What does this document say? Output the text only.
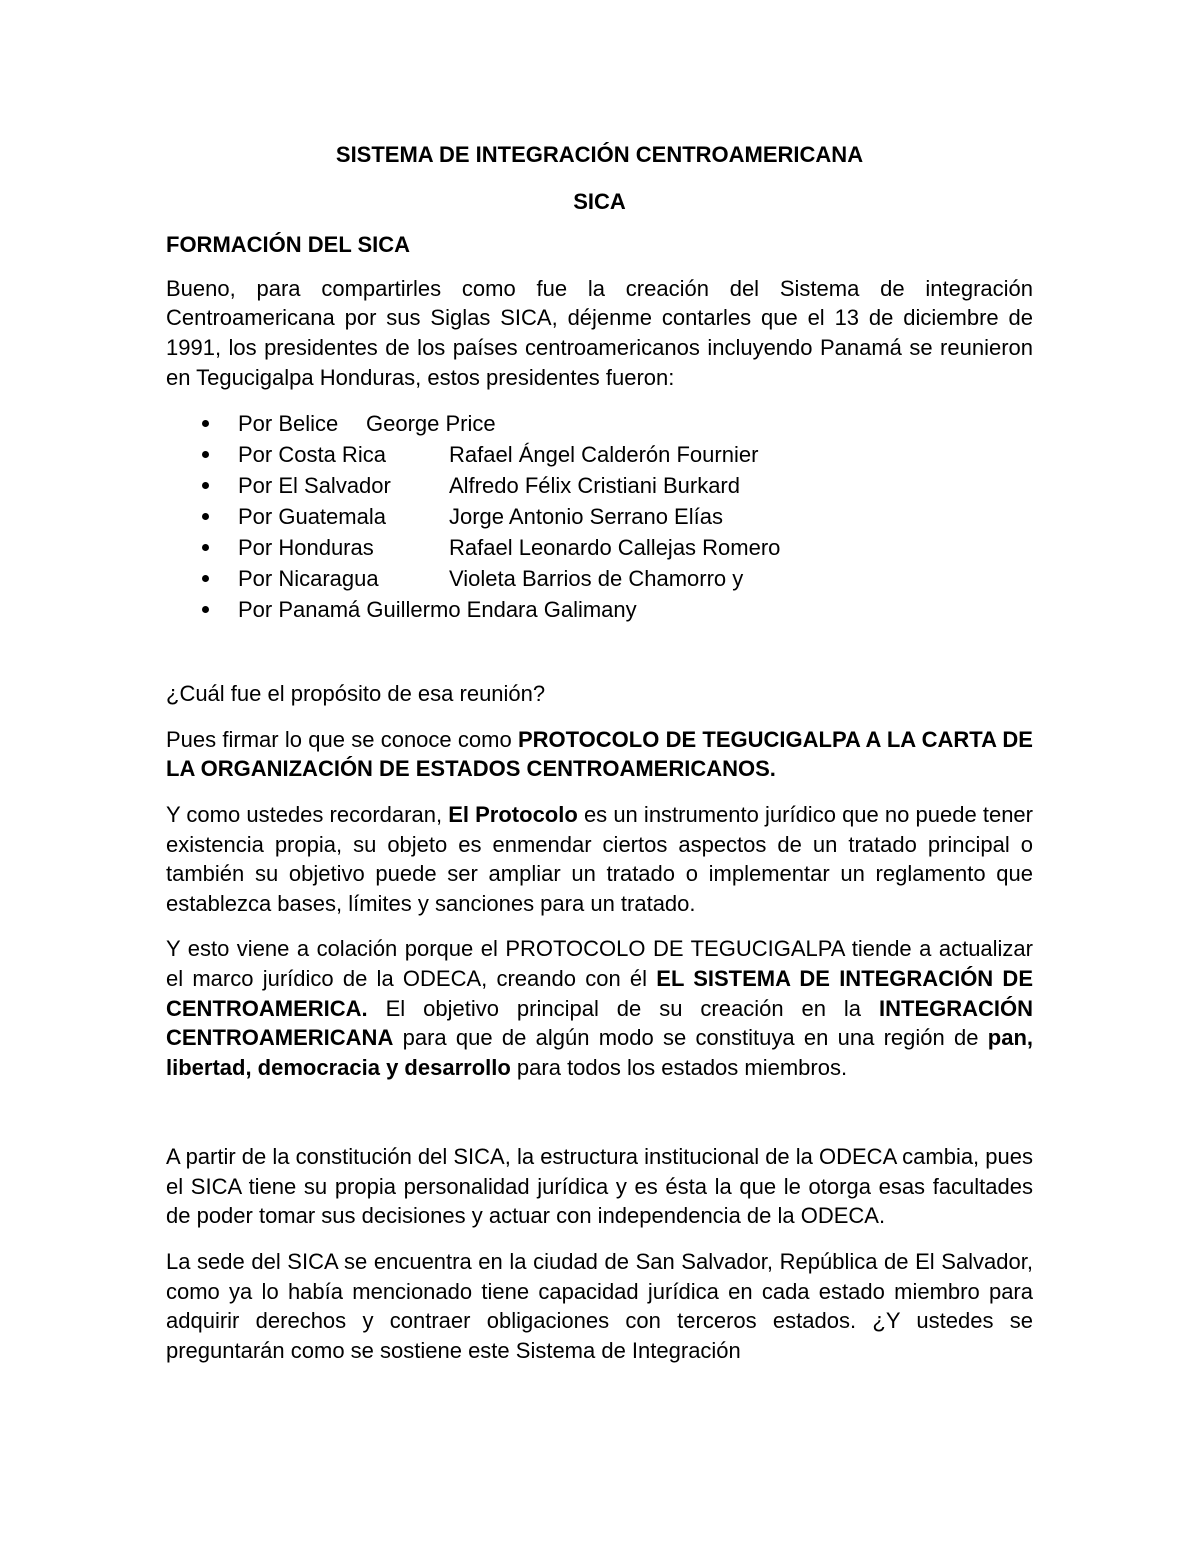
SISTEMA DE INTEGRACIÓN CENTROAMERICANA
SICA
FORMACIÓN DEL SICA

Bueno, para compartirles como fue la creación del Sistema de integración Centroamericana por sus Siglas SICA, déjenme contarles que el 13 de diciembre de 1991, los presidentes de los países centroamericanos incluyendo Panamá se reunieron en Tegucigalpa Honduras, estos presidentes fueron:

Por Belice George Price
Por Costa Rica	Rafael Ángel Calderón Fournier
Por El Salvador	Alfredo Félix Cristiani Burkard
Por Guatemala	Jorge Antonio Serrano Elías
Por Honduras	Rafael Leonardo Callejas Romero
Por Nicaragua	Violeta Barrios de Chamorro y
Por Panamá Guillermo Endara Galimany

¿Cuál fue el propósito de esa reunión?

Pues firmar lo que se conoce como PROTOCOLO DE TEGUCIGALPA A LA CARTA DE LA ORGANIZACIÓN DE ESTADOS CENTROAMERICANOS.

Y como ustedes recordaran, El Protocolo es un instrumento jurídico que no puede tener existencia propia, su objeto es enmendar ciertos aspectos de un tratado principal o también su objetivo puede ser ampliar un tratado o implementar un reglamento que establezca bases, límites y sanciones para un tratado.

Y esto viene a colación porque el PROTOCOLO DE TEGUCIGALPA tiende a actualizar el marco jurídico de la ODECA, creando con él EL SISTEMA DE INTEGRACIÓN DE CENTROAMERICA. El objetivo principal de su creación en la INTEGRACIÓN CENTROAMERICANA para que de algún modo se constituya en una región de pan, libertad, democracia y desarrollo para todos los estados miembros.

A partir de la constitución del SICA, la estructura institucional de la ODECA cambia, pues el SICA tiene su propia personalidad jurídica y es ésta la que le otorga esas facultades de poder tomar sus decisiones y actuar con independencia de la ODECA.

La sede del SICA se encuentra en la ciudad de San Salvador, República de El Salvador, como ya lo había mencionado tiene capacidad jurídica en cada estado miembro para adquirir derechos y contraer obligaciones con terceros estados. ¿Y ustedes se preguntarán como se sostiene este Sistema de Integración
